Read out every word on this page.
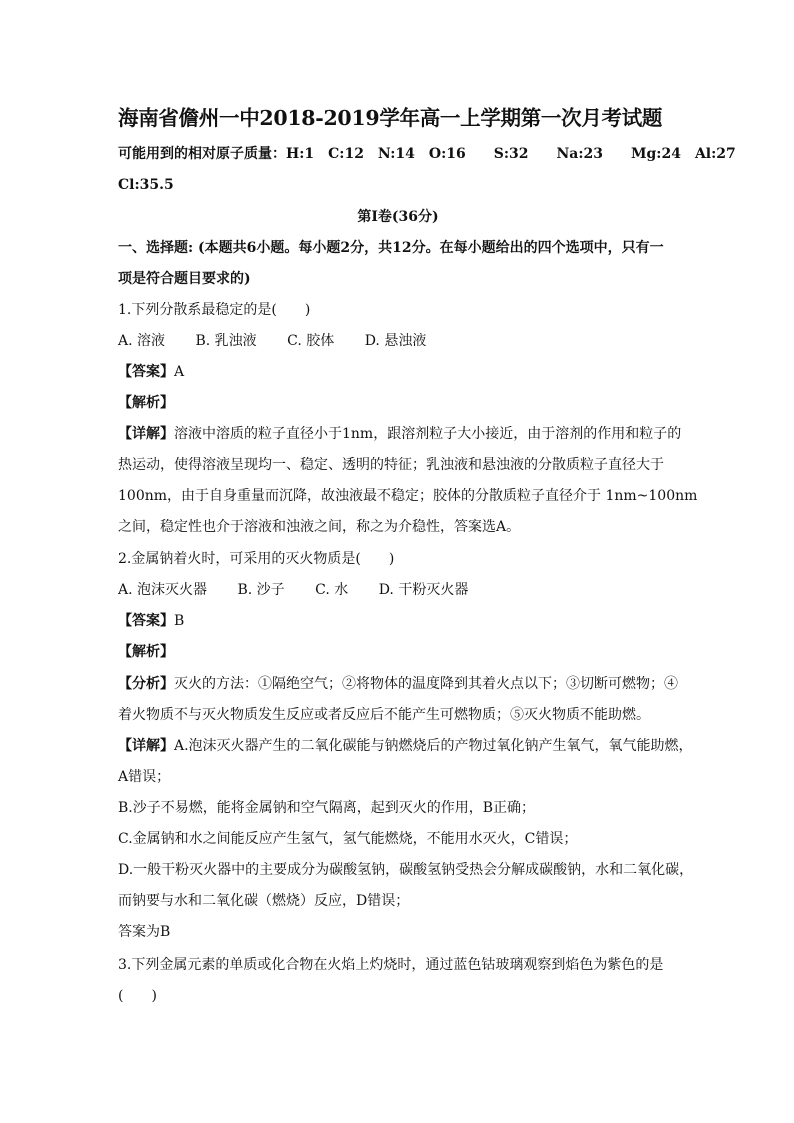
海南省儋州一中2018-2019学年高一上学期第一次月考试题
可能用到的相对原子质量：H:1　C:12　N:14　O:16　　S:32　　Na:23　　Mg:24　Al:27
Cl:35.5
第Ⅰ卷(36分)
一、选择题: (本题共6小题。每小题2分，共12分。在每小题给出的四个选项中，只有一
项是符合题目要求的)
1.下列分散系最稳定的是(　　)
A. 溶液 B. 乳浊液 C. 胶体 D. 悬浊液
【答案】A
【解析】
【详解】溶液中溶质的粒子直径小于1nm，跟溶剂粒子大小接近，由于溶剂的作用和粒子的
热运动，使得溶液呈现均一、稳定、透明的特征；乳浊液和悬浊液的分散质粒子直径大于
100nm，由于自身重量而沉降，故浊液最不稳定；胶体的分散质粒子直径介于 1nm~100nm
之间，稳定性也介于溶液和浊液之间，称之为介稳性，答案选A。
2.金属钠着火时，可采用的灭火物质是(　　)
A. 泡沫灭火器 B. 沙子 C. 水 D. 干粉灭火器
【答案】B
【解析】
【分析】灭火的方法：①隔绝空气；②将物体的温度降到其着火点以下；③切断可燃物；④
着火物质不与灭火物质发生反应或者反应后不能产生可燃物质；⑤灭火物质不能助燃。
【详解】A.泡沫灭火器产生的二氧化碳能与钠燃烧后的产物过氧化钠产生氧气，氧气能助燃，
A错误；
B.沙子不易燃，能将金属钠和空气隔离，起到灭火的作用，B正确；
C.金属钠和水之间能反应产生氢气，氢气能燃烧，不能用水灭火，C错误；
D.一般干粉灭火器中的主要成分为碳酸氢钠，碳酸氢钠受热会分解成碳酸钠，水和二氧化碳，
而钠要与水和二氧化碳（燃烧）反应，D错误；
答案为B
3.下列金属元素的单质或化合物在火焰上灼烧时，通过蓝色钴玻璃观察到焰色为紫色的是
(　　)
